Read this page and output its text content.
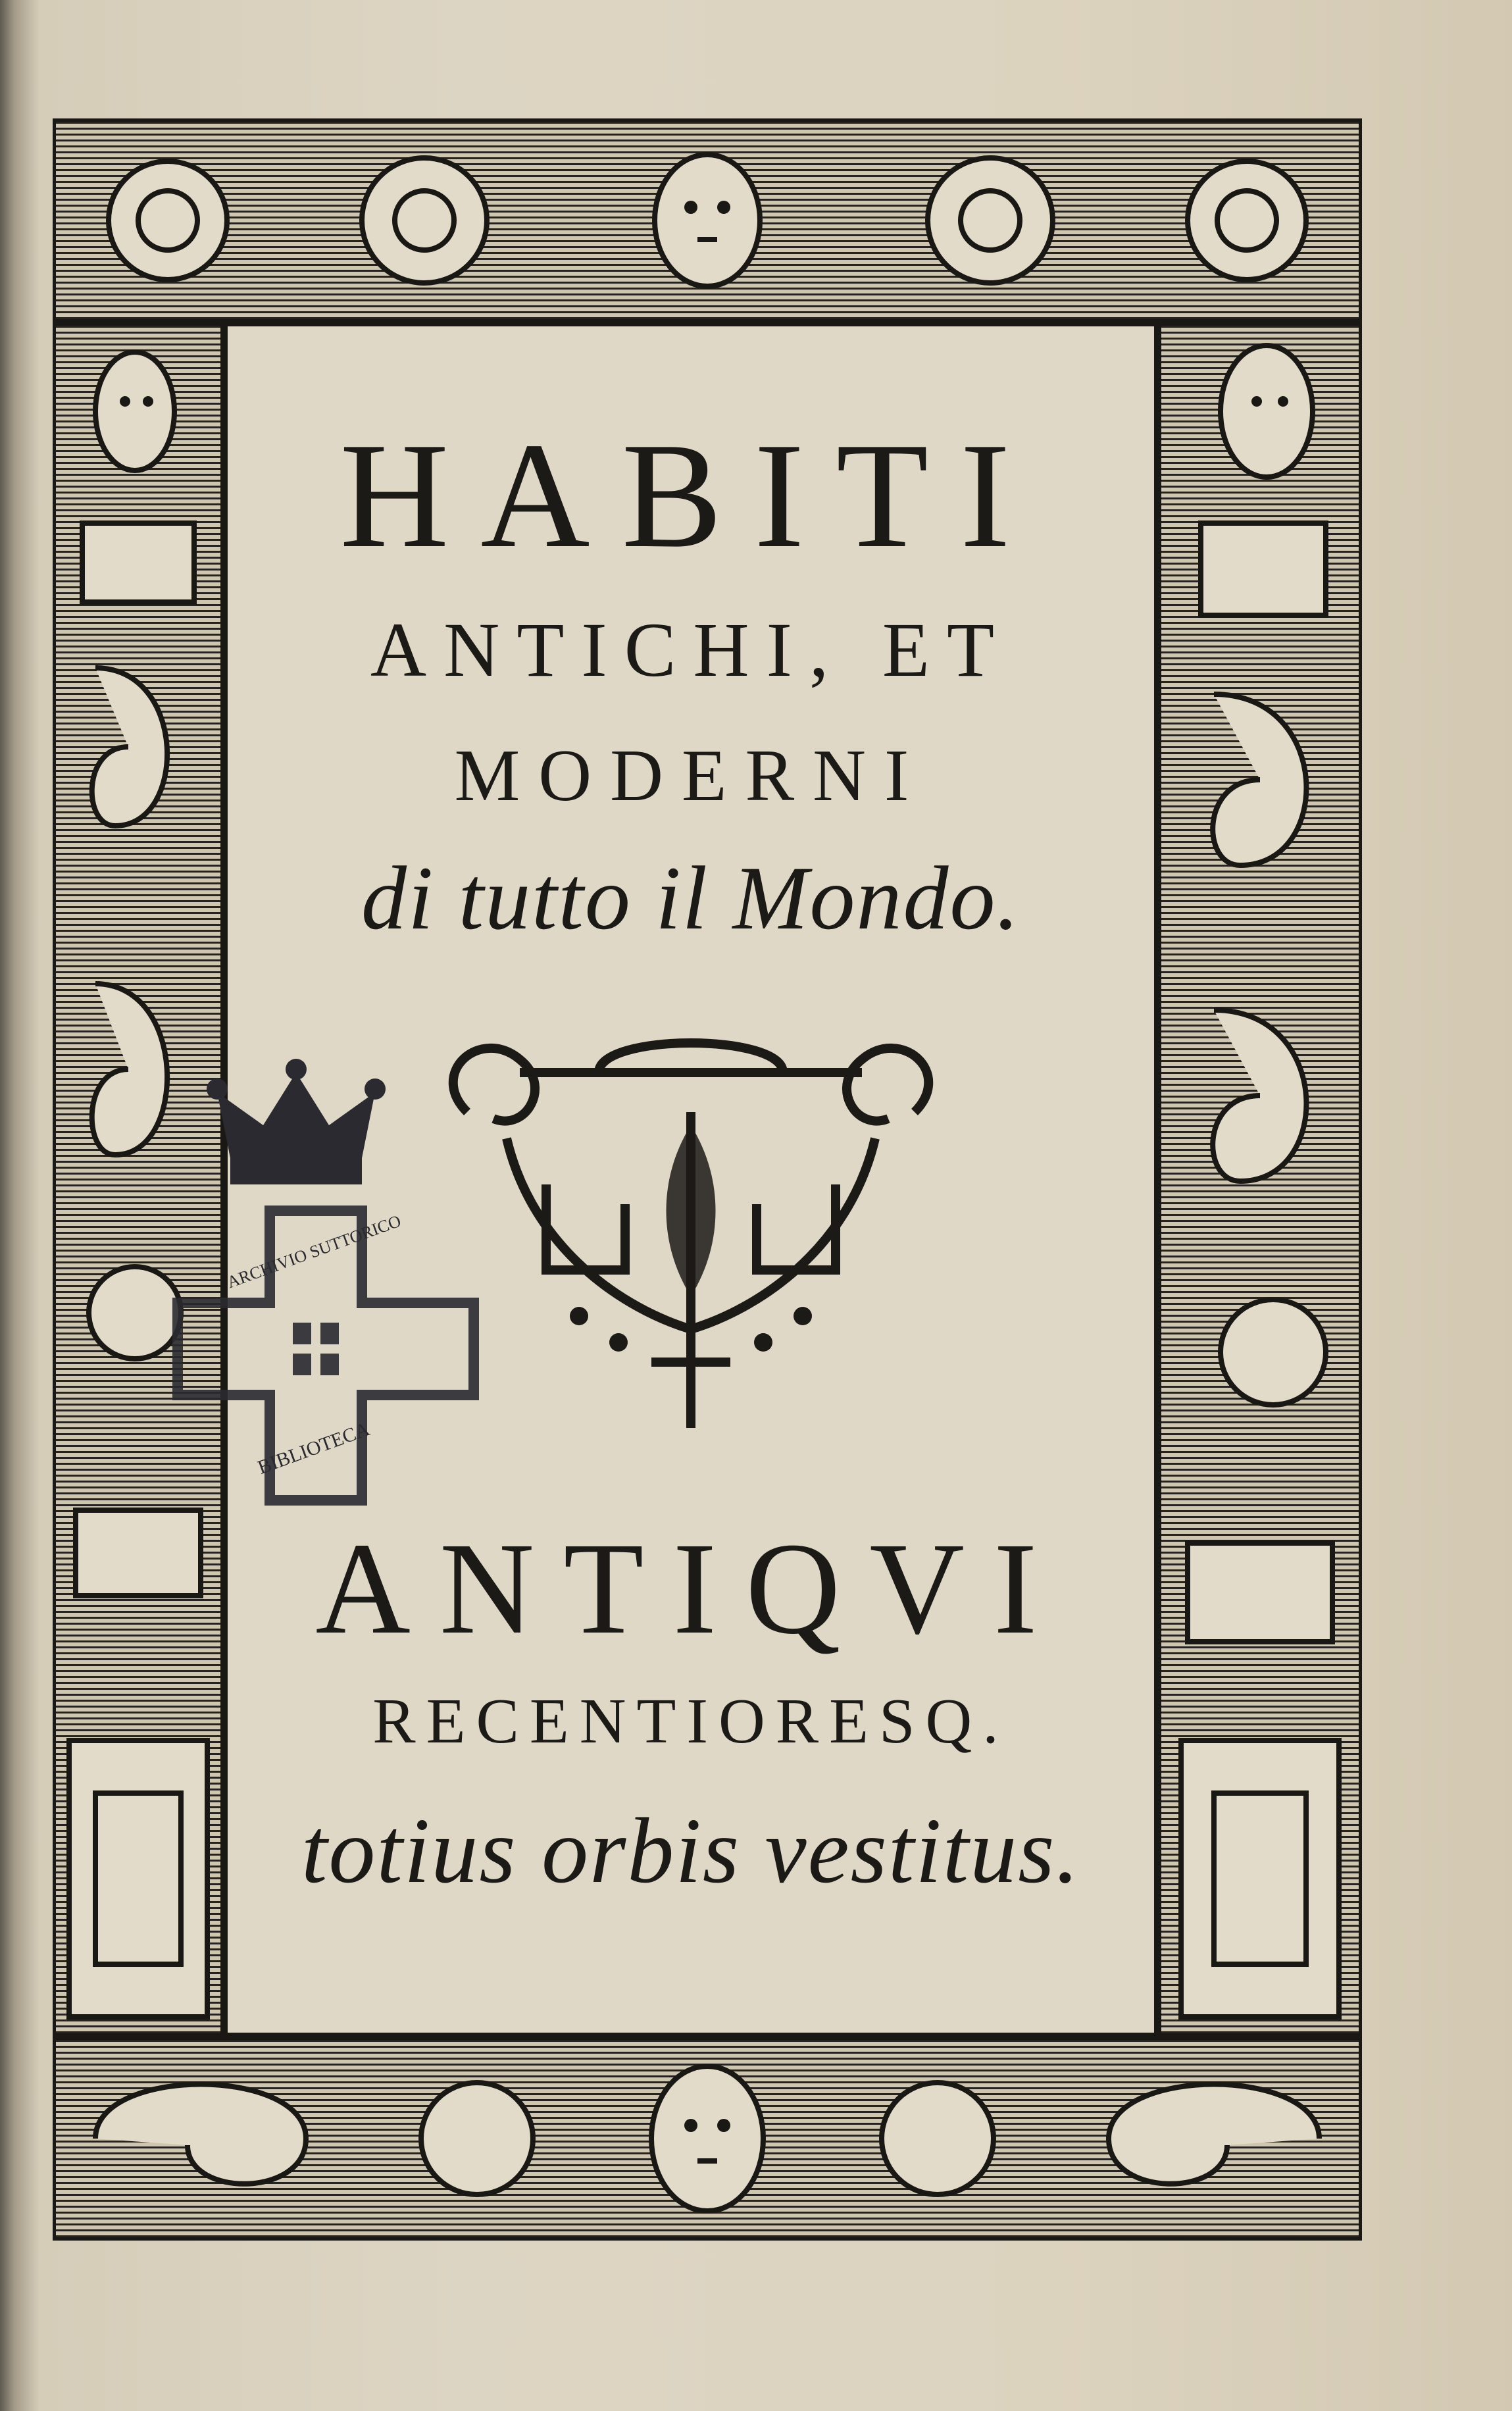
HABITI
ANTICHI, ET
MODERNI
di tutto il Mondo.
ARCHIVIO SUTTORICO
BIBLIOTECA
ANTIQVI
RECENTIORESQ.
totius orbis vestitus.
